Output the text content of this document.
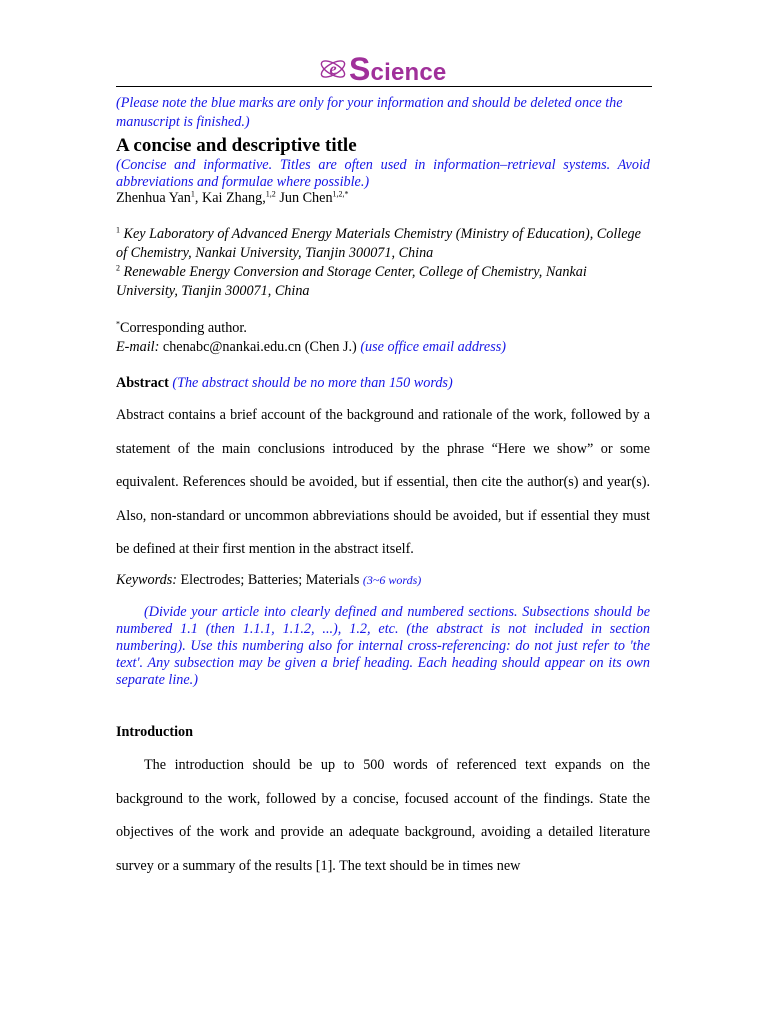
e Science

(Please note the blue marks are only for your information and should be deleted once the manuscript is finished.)

A concise and descriptive title

(Concise and informative. Titles are often used in information–retrieval systems. Avoid abbreviations and formulae where possible.)

Zhenhua Yan$^1$, Kai Zhang,$^{1,2}$ Jun Chen$^{1,2,*}$

$^1$ Key Laboratory of Advanced Energy Materials Chemistry (Ministry of Education), College of Chemistry, Nankai University, Tianjin 300071, China

$^2$ Renewable Energy Conversion and Storage Center, College of Chemistry, Nankai University, Tianjin 300071, China

*Corresponding author.

E-mail: chenabc@nankai.edu.cn (Chen J.) (use office email address)

Abstract (The abstract should be no more than 150 words)

Abstract contains a brief account of the background and rationale of the work, followed by a statement of the main conclusions introduced by the phrase “Here we show” or some equivalent. References should be avoided, but if essential, then cite the author(s) and year(s). Also, non-standard or uncommon abbreviations should be avoided, but if essential they must be defined at their first mention in the abstract itself.

Keywords: Electrodes; Batteries; Materials (3~6 words)

(Divide your article into clearly defined and numbered sections. Subsections should be numbered 1.1 (then 1.1.1, 1.1.2, ...), 1.2, etc. (the abstract is not included in section numbering). Use this numbering also for internal cross-referencing: do not just refer to 'the text'. Any subsection may be given a brief heading. Each heading should appear on its own separate line.)

Introduction

The introduction should be up to 500 words of referenced text expands on the background to the work, followed by a concise, focused account of the findings. State the objectives of the work and provide an adequate background, avoiding a detailed literature survey or a summary of the results [1]. The text should be in times new
